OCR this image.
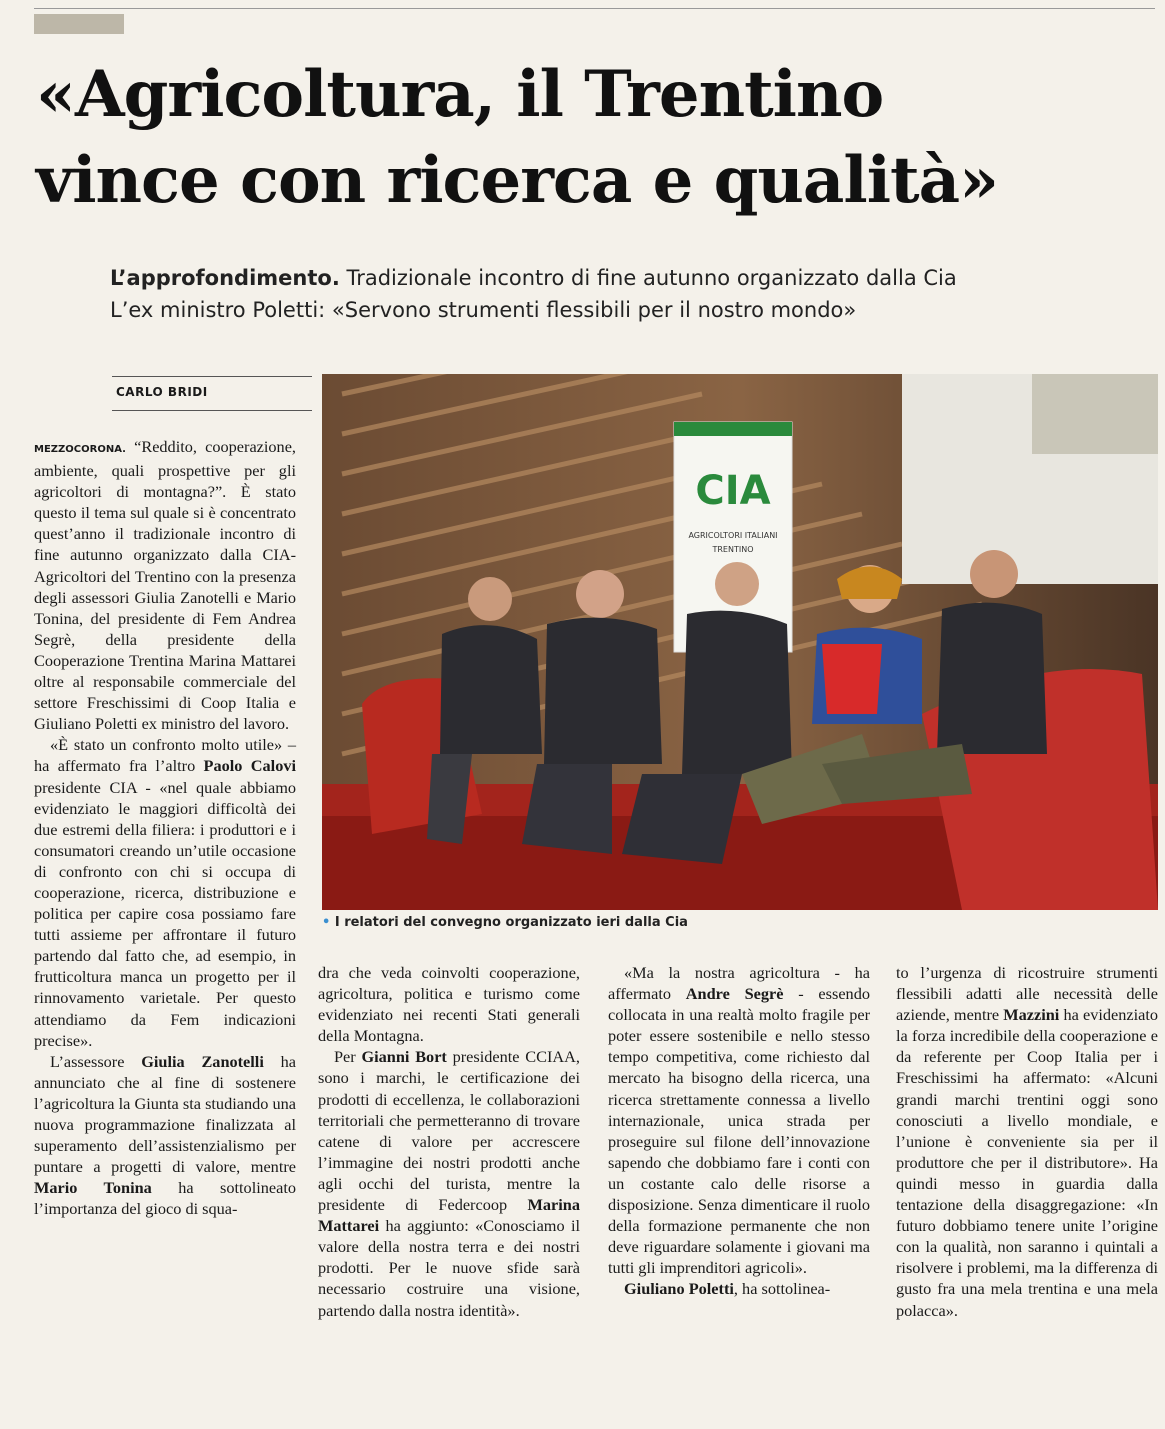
«Agricoltura, il Trentino
vince con ricerca e qualità»
L’approfondimento. Tradizionale incontro di fine autunno organizzato dalla Cia
L’ex ministro Poletti: «Servono strumenti flessibili per il nostro mondo»
CARLO BRIDI
CIA
AGRICOLTORI ITALIANI
TRENTINO
• I relatori del convegno organizzato ieri dalla Cia

MEZZOCORONA. “Reddito, cooperazione, ambiente, quali prospettive per gli agricoltori di montagna?”. È stato questo il tema sul quale si è concentrato quest’anno il tradizionale incontro di fine autunno organizzato dalla CIA-Agricoltori del Trentino con la presenza degli assessori Giulia Zanotelli e Mario Tonina, del presidente di Fem Andrea Segrè, della presidente della Cooperazione Trentina Marina Mattarei oltre al responsabile commerciale del settore Freschissimi di Coop Italia e Giuliano Poletti ex ministro del lavoro.

«È stato un confronto molto utile» – ha affermato fra l’altro Paolo Calovi presidente CIA - «nel quale abbiamo evidenziato le maggiori difficoltà dei due estremi della filiera: i produttori e i consumatori creando un’utile occasione di confronto con chi si occupa di cooperazione, ricerca, distribuzione e politica per capire cosa possiamo fare tutti assieme per affrontare il futuro partendo dal fatto che, ad esempio, in frutticoltura manca un progetto per il rinnovamento varietale. Per questo attendiamo da Fem indicazioni precise».

L’assessore Giulia Zanotelli ha annunciato che al fine di sostenere l’agricoltura la Giunta sta studiando una nuova programmazione finalizzata al superamento dell’assistenzialismo per puntare a progetti di valore, mentre Mario Tonina ha sottolineato l’importanza del gioco di squa-

dra che veda coinvolti cooperazione, agricoltura, politica e turismo come evidenziato nei recenti Stati generali della Montagna.

Per Gianni Bort presidente CCIAA, sono i marchi, le certificazione dei prodotti di eccellenza, le collaborazioni territoriali che permetteranno di trovare catene di valore per accrescere l’immagine dei nostri prodotti anche agli occhi del turista, mentre la presidente di Federcoop Marina Mattarei ha aggiunto: «Conosciamo il valore della nostra terra e dei nostri prodotti. Per le nuove sfide sarà necessario costruire una visione, partendo dalla nostra identità».

«Ma la nostra agricoltura - ha affermato Andre Segrè - essendo collocata in una realtà molto fragile per poter essere sostenibile e nello stesso tempo competitiva, come richiesto dal mercato ha bisogno della ricerca, una ricerca strettamente connessa a livello internazionale, unica strada per proseguire sul filone dell’innovazione sapendo che dobbiamo fare i conti con un costante calo delle risorse a disposizione. Senza dimenticare il ruolo della formazione permanente che non deve riguardare solamente i giovani ma tutti gli imprenditori agricoli».

Giuliano Poletti, ha sottolinea-

to l’urgenza di ricostruire strumenti flessibili adatti alle necessità delle aziende, mentre Mazzini ha evidenziato la forza incredibile della cooperazione e da referente per Coop Italia per i Freschissimi ha affermato: «Alcuni grandi marchi trentini oggi sono conosciuti a livello mondiale, e l’unione è conveniente sia per il produttore che per il distributore». Ha quindi messo in guardia dalla tentazione della disaggregazione: «In futuro dobbiamo tenere unite l’origine con la qualità, non saranno i quintali a risolvere i problemi, ma la differenza di gusto fra una mela trentina e una mela polacca».
